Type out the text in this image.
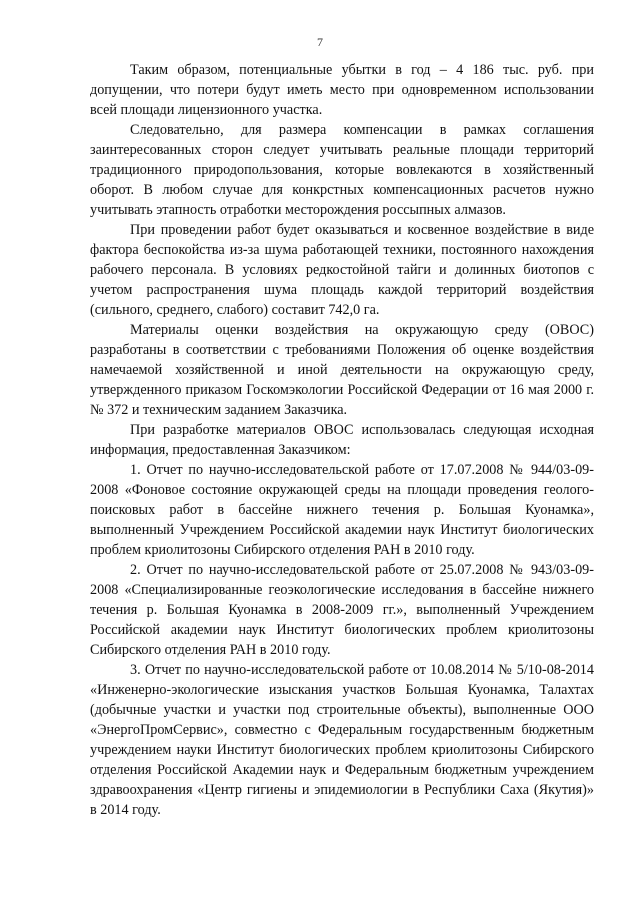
7

Таким образом, потенциальные убытки в год – 4 186 тыс. руб. при допущении, что потери будут иметь место при одновременном использовании всей площади лицензионного участка.

Следовательно, для размера компенсации в рамках соглашения заинтересованных сторон следует учитывать реальные площади территорий традиционного природопользования, которые вовлекаются в хозяйственный оборот. В любом случае для конкрстных компенсационных расчетов нужно учитывать этапность отработки месторождения россыпных алмазов.

При проведении работ будет оказываться и косвенное воздействие в виде фактора беспокойства из-за шума работающей техники, постоянного нахождения рабочего персонала. В условиях редкостойной тайги и долинных биотопов с учетом распространения шума площадь каждой территорий воздействия (сильного, среднего, слабого) составит 742,0 га.

Материалы оценки воздействия на окружающую среду (ОВОС) разработаны в соответствии с требованиями Положения об оценке воздействия намечаемой хозяйственной и иной деятельности на окружающую среду, утвержденного приказом Госкомэкологии Российской Федерации от 16 мая 2000 г. № 372 и техническим заданием Заказчика.

При разработке материалов ОВОС использовалась следующая исходная информация, предоставленная Заказчиком:

1. Отчет по научно-исследовательской работе от 17.07.2008 № 944/03-09-2008 «Фоновое состояние окружающей среды на площади проведения геолого-поисковых работ в бассейне нижнего течения р. Большая Куонамка», выполненный Учреждением Российской академии наук Институт биологических проблем криолитозоны Сибирского отделения РАН в 2010 году.

2. Отчет по научно-исследовательской работе от 25.07.2008 № 943/03-09-2008 «Специализированные геоэкологические исследования в бассейне нижнего течения р. Большая Куонамка в 2008-2009 гг.», выполненный Учреждением Российской академии наук Институт биологических проблем криолитозоны Сибирского отделения РАН в 2010 году.

3. Отчет по научно-исследовательской работе от 10.08.2014 № 5/10-08-2014 «Инженерно-экологические изыскания участков Большая Куонамка, Талахтах (добычные участки и участки под строительные объекты), выполненные ООО «ЭнергоПромСервис», совместно с Федеральным государственным бюджетным учреждением науки Институт биологических проблем криолитозоны Сибирского отделения Российской Академии наук и Федеральным бюджетным учреждением здравоохранения «Центр гигиены и эпидемиологии в Республики Саха (Якутия)» в 2014 году.
